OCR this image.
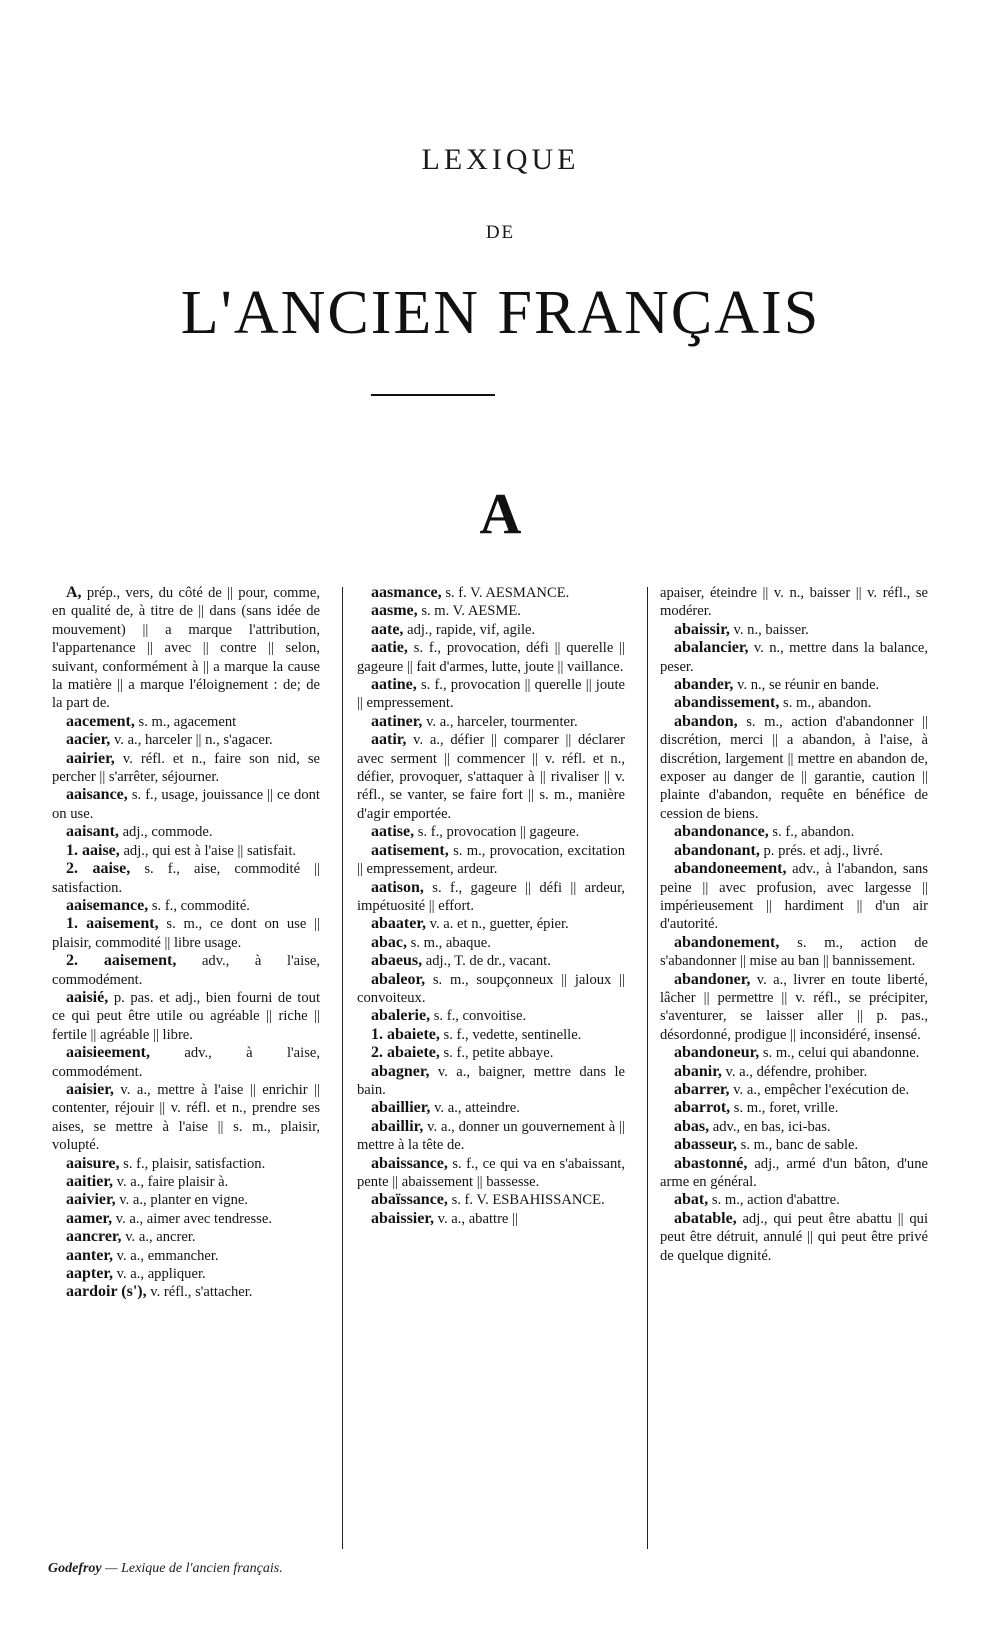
LEXIQUE
DE
L'ANCIEN FRANÇAIS
A

A, prép., vers, du côté de || pour, comme, en qualité de, à titre de || dans (sans idée de mouvement) || a marque l'attribution, l'appartenance || avec || contre || selon, suivant, conformément à || a marque la cause la matière || a marque l'éloignement : de; de la part de.

aacement, s. m., agacement

aacier, v. a., harceler || n., s'agacer.

aairier, v. réfl. et n., faire son nid, se percher || s'arrêter, séjourner.

aaisance, s. f., usage, jouissance || ce dont on use.

aaisant, adj., commode.

1. aaise, adj., qui est à l'aise || satisfait.

2. aaise, s. f., aise, commodité || satisfaction.

aaisemance, s. f., commodité.

1. aaisement, s. m., ce dont on use || plaisir, commodité || libre usage.

2. aaisement, adv., à l'aise, commodément.

aaisié, p. pas. et adj., bien fourni de tout ce qui peut être utile ou agréable || riche || fertile || agréable || libre.

aaisieement, adv., à l'aise, commodément.

aaisier, v. a., mettre à l'aise || enrichir || contenter, réjouir || v. réfl. et n., prendre ses aises, se mettre à l'aise || s. m., plaisir, volupté.

aaisure, s. f., plaisir, satisfaction.

aaitier, v. a., faire plaisir à.

aaivier, v. a., planter en vigne.

aamer, v. a., aimer avec tendresse.

aancrer, v. a., ancrer.

aanter, v. a., emmancher.

aapter, v. a., appliquer.

aardoir (s'), v. réfl., s'attacher.

aasmance, s. f. V. AESMANCE.

aasme, s. m. V. AESME.

aate, adj., rapide, vif, agile.

aatie, s. f., provocation, défi || querelle || gageure || fait d'armes, lutte, joute || vaillance.

aatine, s. f., provocation || querelle || joute || empressement.

aatiner, v. a., harceler, tourmenter.

aatir, v. a., défier || comparer || déclarer avec serment || commencer || v. réfl. et n., défier, provoquer, s'attaquer à || rivaliser || v. réfl., se vanter, se faire fort || s. m., manière d'agir emportée.

aatise, s. f., provocation || gageure.

aatisement, s. m., provocation, excitation || empressement, ardeur.

aatison, s. f., gageure || défi || ardeur, impétuosité || effort.

abaater, v. a. et n., guetter, épier.

abac, s. m., abaque.

abaeus, adj., T. de dr., vacant.

abaleor, s. m., soupçonneux || jaloux || convoiteux.

abalerie, s. f., convoitise.

1. abaiete, s. f., vedette, sentinelle.

2. abaiete, s. f., petite abbaye.

abagner, v. a., baigner, mettre dans le bain.

abaillier, v. a., atteindre.

abaillir, v. a., donner un gouvernement à || mettre à la tête de.

abaissance, s. f., ce qui va en s'abaissant, pente || abaissement || bassesse.

abaïssance, s. f. V. ESBAHISSANCE.

abaissier, v. a., abattre ||

apaiser, éteindre || v. n., baisser || v. réfl., se modérer.

abaissir, v. n., baisser.

abalancier, v. n., mettre dans la balance, peser.

abander, v. n., se réunir en bande.

abandissement, s. m., abandon.

abandon, s. m., action d'abandonner || discrétion, merci || a abandon, à l'aise, à discrétion, largement || mettre en abandon de, exposer au danger de || garantie, caution || plainte d'abandon, requête en bénéfice de cession de biens.

abandonance, s. f., abandon.

abandonant, p. prés. et adj., livré.

abandoneement, adv., à l'abandon, sans peine || avec profusion, avec largesse || impérieusement || hardiment || d'un air d'autorité.

abandonement, s. m., action de s'abandonner || mise au ban || bannissement.

abandoner, v. a., livrer en toute liberté, lâcher || permettre || v. réfl., se précipiter, s'aventurer, se laisser aller || p. pas., désordonné, prodigue || inconsidéré, insensé.

abandoneur, s. m., celui qui abandonne.

abanir, v. a., défendre, prohiber.

abarrer, v. a., empêcher l'exécution de.

abarrot, s. m., foret, vrille.

abas, adv., en bas, ici-bas.

abasseur, s. m., banc de sable.

abastonné, adj., armé d'un bâton, d'une arme en général.

abat, s. m., action d'abattre.

abatable, adj., qui peut être abattu || qui peut être détruit, annulé || qui peut être privé de quelque dignité.

Godefroy — Lexique de l'ancien français.
